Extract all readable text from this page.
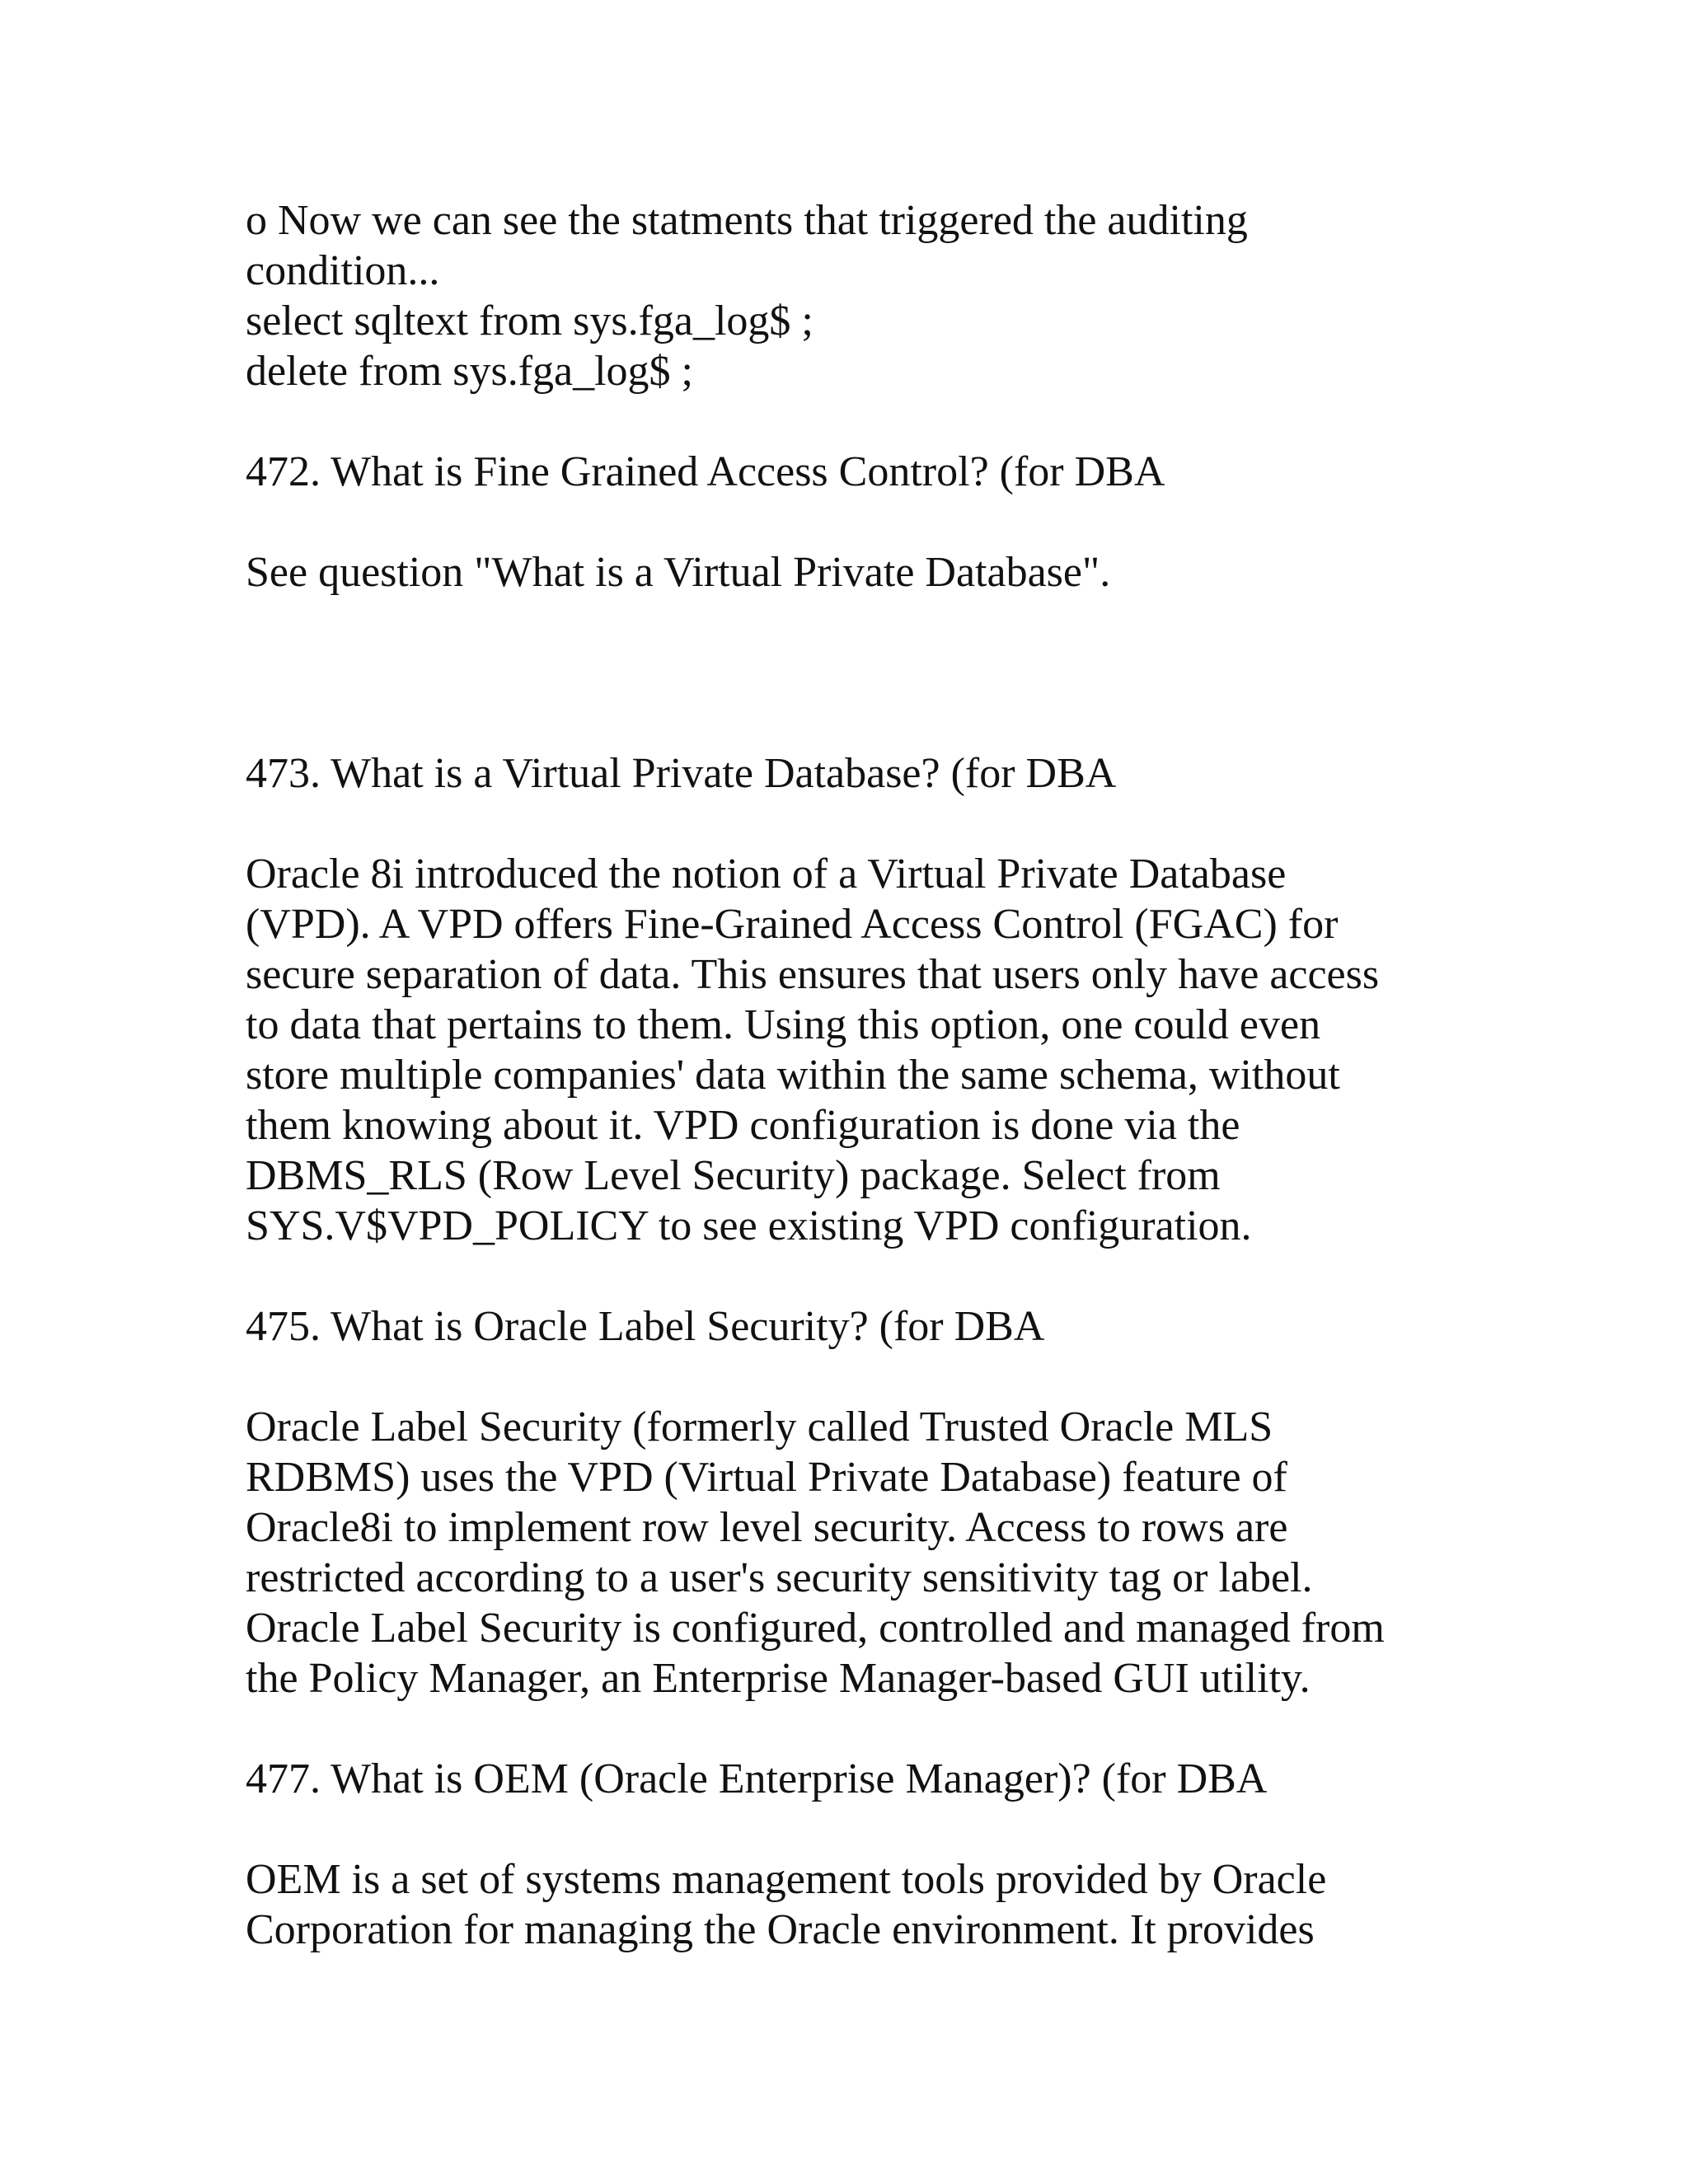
o Now we can see the statments that triggered the auditing
condition...
select sqltext from sys.fga_log$ ;
delete from sys.fga_log$ ;
472. What is Fine Grained Access Control? (for DBA
See question "What is a Virtual Private Database".
473. What is a Virtual Private Database? (for DBA
Oracle 8i introduced the notion of a Virtual Private Database
(VPD). A VPD offers Fine-Grained Access Control (FGAC) for
secure separation of data. This ensures that users only have access
to data that pertains to them. Using this option, one could even
store multiple companies' data within the same schema, without
them knowing about it. VPD configuration is done via the
DBMS_RLS (Row Level Security) package. Select from
SYS.V$VPD_POLICY to see existing VPD configuration.
475. What is Oracle Label Security? (for DBA
Oracle Label Security (formerly called Trusted Oracle MLS
RDBMS) uses the VPD (Virtual Private Database) feature of
Oracle8i to implement row level security. Access to rows are
restricted according to a user's security sensitivity tag or label.
Oracle Label Security is configured, controlled and managed from
the Policy Manager, an Enterprise Manager-based GUI utility.
477. What is OEM (Oracle Enterprise Manager)? (for DBA
OEM is a set of systems management tools provided by Oracle
Corporation for managing the Oracle environment. It provides
